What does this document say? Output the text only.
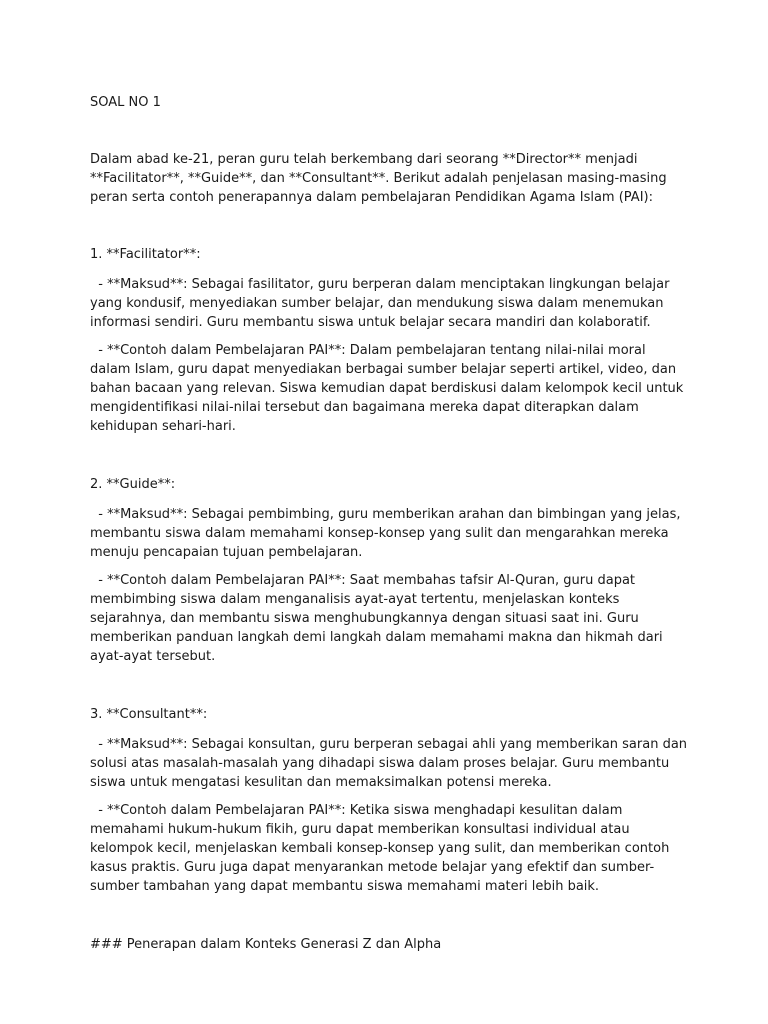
SOAL NO 1

Dalam abad ke-21, peran guru telah berkembang dari seorang **Director** menjadi **Facilitator**, **Guide**, dan **Consultant**. Berikut adalah penjelasan masing-masing peran serta contoh penerapannya dalam pembelajaran Pendidikan Agama Islam (PAI):

1. **Facilitator**:

- **Maksud**: Sebagai fasilitator, guru berperan dalam menciptakan lingkungan belajar yang kondusif, menyediakan sumber belajar, dan mendukung siswa dalam menemukan informasi sendiri. Guru membantu siswa untuk belajar secara mandiri dan kolaboratif.

- **Contoh dalam Pembelajaran PAI**: Dalam pembelajaran tentang nilai-nilai moral dalam Islam, guru dapat menyediakan berbagai sumber belajar seperti artikel, video, dan bahan bacaan yang relevan. Siswa kemudian dapat berdiskusi dalam kelompok kecil untuk mengidentifikasi nilai-nilai tersebut dan bagaimana mereka dapat diterapkan dalam kehidupan sehari-hari.

2. **Guide**:

- **Maksud**: Sebagai pembimbing, guru memberikan arahan dan bimbingan yang jelas, membantu siswa dalam memahami konsep-konsep yang sulit dan mengarahkan mereka menuju pencapaian tujuan pembelajaran.

- **Contoh dalam Pembelajaran PAI**: Saat membahas tafsir Al-Quran, guru dapat membimbing siswa dalam menganalisis ayat-ayat tertentu, menjelaskan konteks sejarahnya, dan membantu siswa menghubungkannya dengan situasi saat ini. Guru memberikan panduan langkah demi langkah dalam memahami makna dan hikmah dari ayat-ayat tersebut.

3. **Consultant**:

- **Maksud**: Sebagai konsultan, guru berperan sebagai ahli yang memberikan saran dan solusi atas masalah-masalah yang dihadapi siswa dalam proses belajar. Guru membantu siswa untuk mengatasi kesulitan dan memaksimalkan potensi mereka.

- **Contoh dalam Pembelajaran PAI**: Ketika siswa menghadapi kesulitan dalam memahami hukum-hukum fikih, guru dapat memberikan konsultasi individual atau kelompok kecil, menjelaskan kembali konsep-konsep yang sulit, dan memberikan contoh kasus praktis. Guru juga dapat menyarankan metode belajar yang efektif dan sumber-sumber tambahan yang dapat membantu siswa memahami materi lebih baik.

### Penerapan dalam Konteks Generasi Z dan Alpha
